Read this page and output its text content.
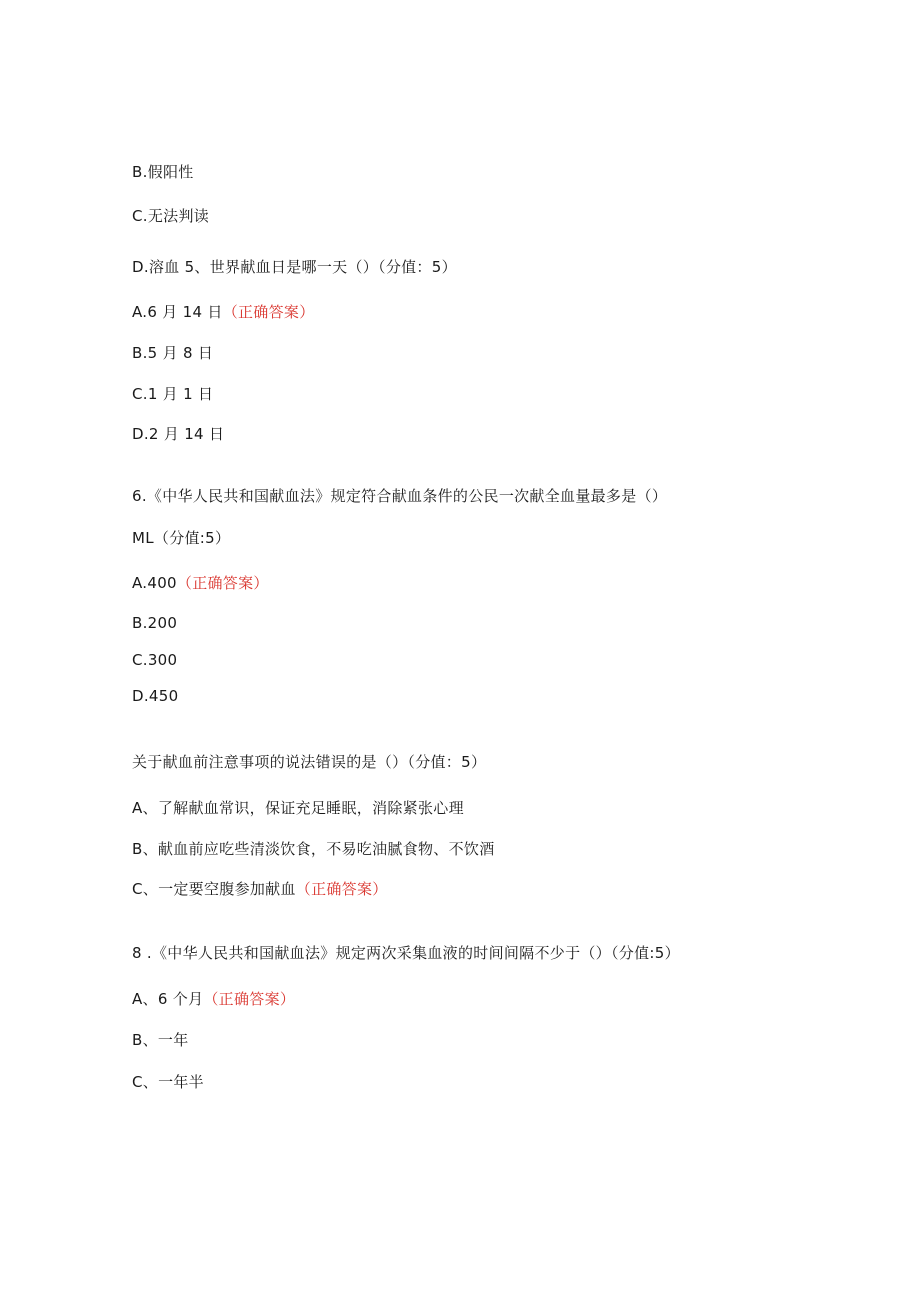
B.假阳性
C.无法判读
D.溶血 5、世界献血日是哪一天（）（分值：5）
A.6 月 14 日（正确答案）
B.5 月 8 日
C.1 月 1 日
D.2 月 14 日
6.《中华人民共和国献血法》规定符合献血条件的公民一次献全血量最多是（）
ML（分值:5）
A.400（正确答案）
B.200
C.300
D.450
关于献血前注意事项的说法错误的是（）（分值：5）
A、了解献血常识，保证充足睡眠，消除紧张心理
B、献血前应吃些清淡饮食，不易吃油腻食物、不饮酒
C、一定要空腹参加献血（正确答案）
8 .《中华人民共和国献血法》规定两次采集血液的时间间隔不少于（）（分值:5）
A、6 个月（正确答案）
B、一年
C、一年半
